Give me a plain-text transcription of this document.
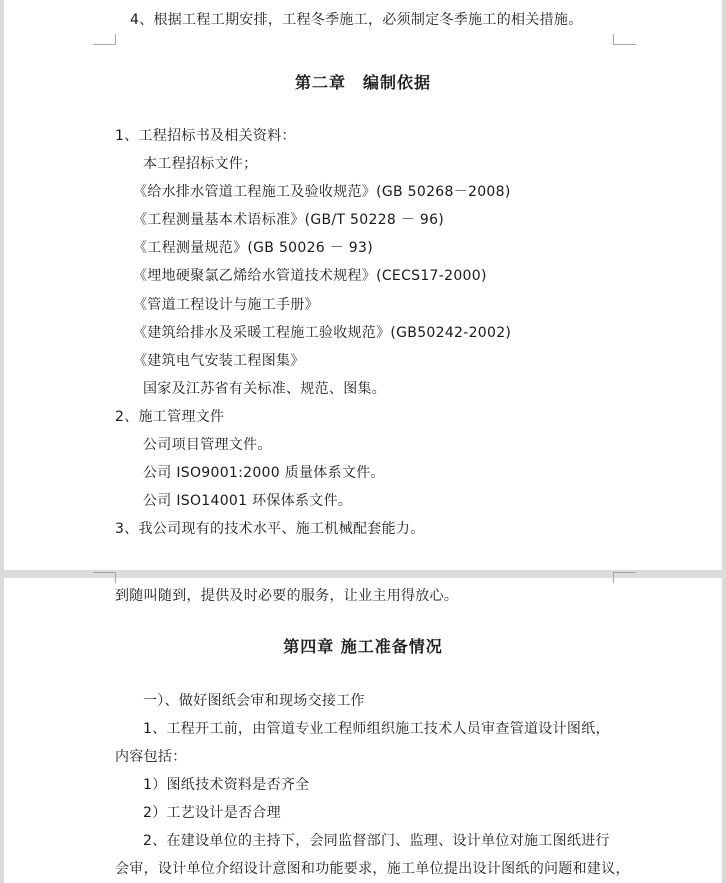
4、根据工程工期安排，工程冬季施工，必须制定冬季施工的相关措施。
第二章　编制依据
1、工程招标书及相关资料：
本工程招标文件；
《给水排水管道工程施工及验收规范》(GB 50268－2008)
《工程测量基本术语标准》(GB/T 50228 － 96)
《工程测量规范》(GB 50026 － 93)
《埋地硬聚氯乙烯给水管道技术规程》(CECS17-2000)
《管道工程设计与施工手册》
《建筑给排水及采暖工程施工验收规范》(GB50242-2002)
《建筑电气安装工程图集》
国家及江苏省有关标准、规范、图集。
2、施工管理文件
公司项目管理文件。
公司 ISO9001:2000 质量体系文件。
公司 ISO14001 环保体系文件。
3、我公司现有的技术水平、施工机械配套能力。
到随叫随到，提供及时必要的服务，让业主用得放心。
第四章 施工准备情况
一）、做好图纸会审和现场交接工作
1、工程开工前，由管道专业工程师组织施工技术人员审查管道设计图纸，
内容包括：
1）图纸技术资料是否齐全
2）工艺设计是否合理
2、在建设单位的主持下，会同监督部门、监理、设计单位对施工图纸进行
会审，设计单位介绍设计意图和功能要求，施工单位提出设计图纸的问题和建议，
